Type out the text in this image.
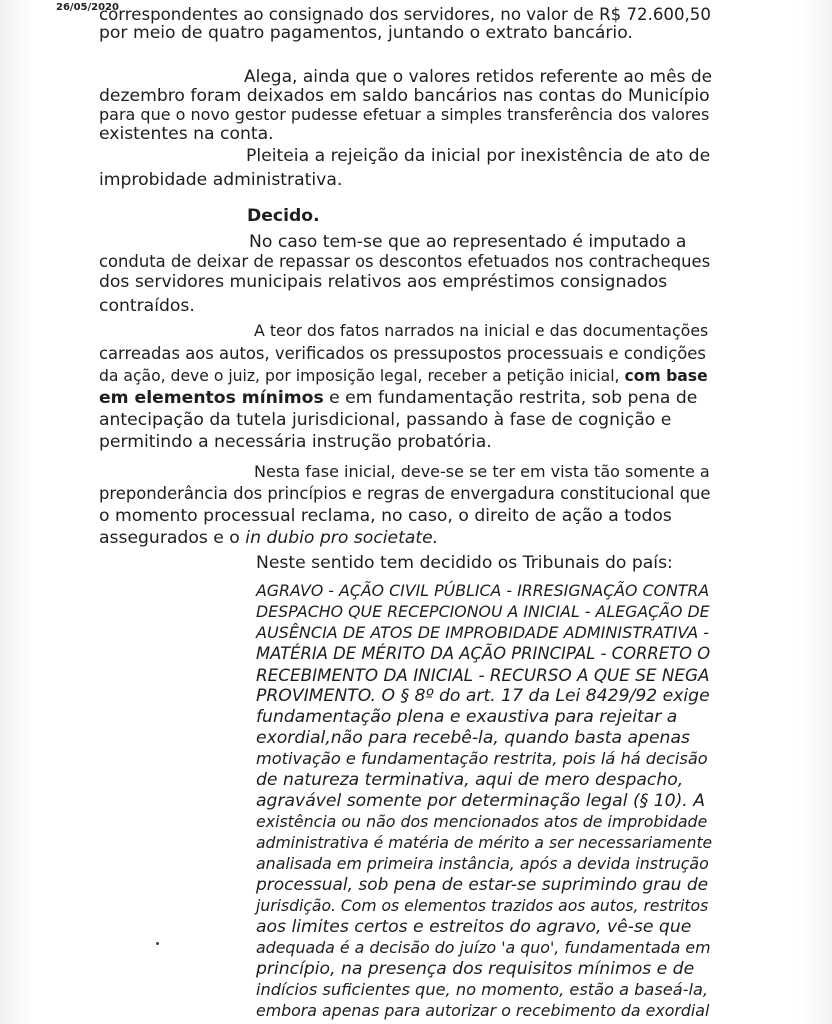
26/05/2020
correspondentes ao consignado dos servidores, no valor de R$ 72.600,50
por meio de quatro pagamentos, juntando o extrato bancário.
Alega, ainda que o valores retidos referente ao mês de
dezembro foram deixados em saldo bancários nas contas do Município
para que o novo gestor pudesse efetuar a simples transferência dos valores
existentes na conta.
Pleiteia a rejeição da inicial por inexistência de ato de
improbidade administrativa.
Decido.
No caso tem-se que ao representado é imputado a
conduta de deixar de repassar os descontos efetuados nos contracheques
dos servidores municipais relativos aos empréstimos consignados
contraídos.
A teor dos fatos narrados na inicial e das documentações
carreadas aos autos, verificados os pressupostos processuais e condições
da ação, deve o juiz, por imposição legal, receber a petição inicial, com base
em elementos mínimos e em fundamentação restrita, sob pena de
antecipação da tutela jurisdicional, passando à fase de cognição e
permitindo a necessária instrução probatória.
Nesta fase inicial, deve-se se ter em vista tão somente a
preponderância dos princípios e regras de envergadura constitucional que
o momento processual reclama, no caso, o direito de ação a todos
assegurados e o in dubio pro societate.
Neste sentido tem decidido os Tribunais do país:
AGRAVO - AÇÃO CIVIL PÚBLICA - IRRESIGNAÇÃO CONTRA
DESPACHO QUE RECEPCIONOU A INICIAL - ALEGAÇÃO DE
AUSÊNCIA DE ATOS DE IMPROBIDADE ADMINISTRATIVA -
MATÉRIA DE MÉRITO DA AÇÃO PRINCIPAL - CORRETO O
RECEBIMENTO DA INICIAL - RECURSO A QUE SE NEGA
PROVIMENTO. O § 8º do art. 17 da Lei 8429/92 exige
fundamentação plena e exaustiva para rejeitar a
exordial,não para recebê-la, quando basta apenas
motivação e fundamentação restrita, pois lá há decisão
de natureza terminativa, aqui de mero despacho,
agravável somente por determinação legal (§ 10). A
existência ou não dos mencionados atos de improbidade
administrativa é matéria de mérito a ser necessariamente
analisada em primeira instância, após a devida instrução
processual, sob pena de estar-se suprimindo grau de
jurisdição. Com os elementos trazidos aos autos, restritos
aos limites certos e estreitos do agravo, vê-se que
adequada é a decisão do juízo 'a quo', fundamentada em
princípio, na presença dos requisitos mínimos e de
indícios suficientes que, no momento, estão a baseá-la,
embora apenas para autorizar o recebimento da exordial
